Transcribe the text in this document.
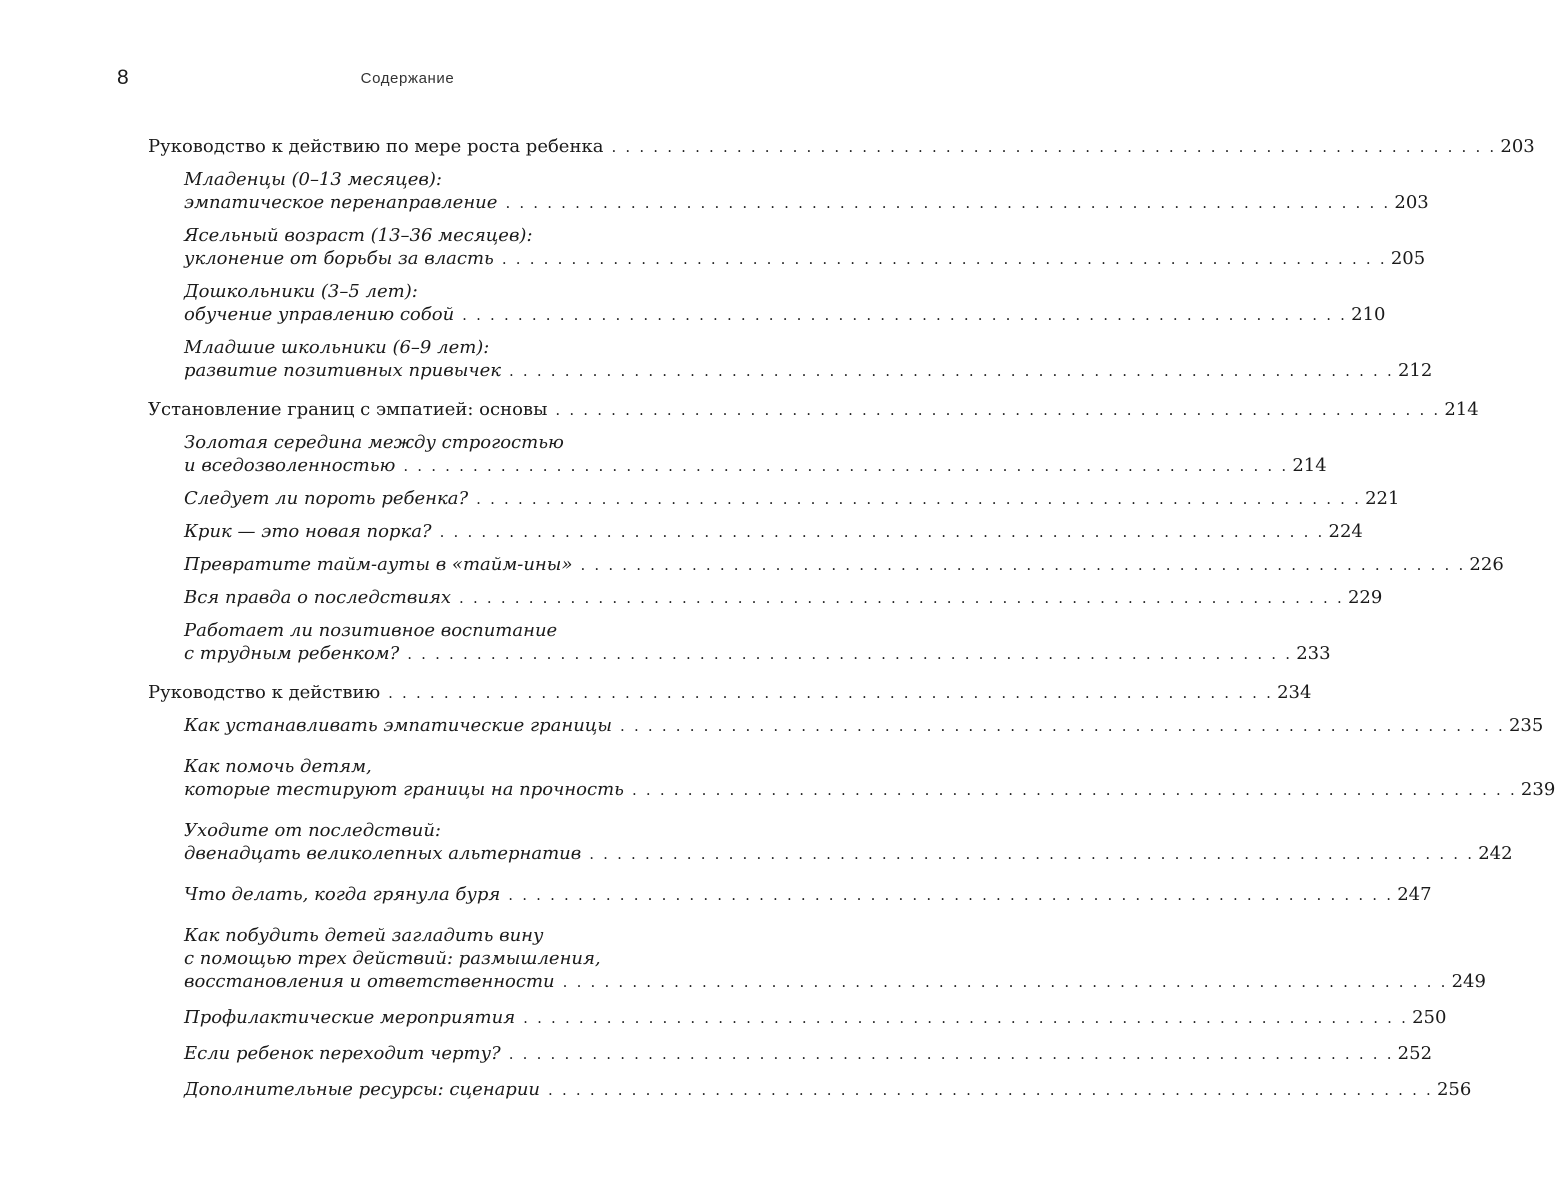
8	Содержание
Руководство к действию по мере роста ребенка . . . . . . . . . . . . . . . . . . . . . . . . . . . . . . . . . . . . . . . . . . . . . . . . . . . . . . . . . . . . . . . . 203
Младенцы (0–13 месяцев):
эмпатическое перенаправление . . . . . . . . . . . . . . . . . . . . . . . . . . . . . . . . . . . . . . . . . . . . . . . . . . . . . . . . . . . . . . . . 203
Ясельный возраст (13–36 месяцев):
уклонение от борьбы за власть . . . . . . . . . . . . . . . . . . . . . . . . . . . . . . . . . . . . . . . . . . . . . . . . . . . . . . . . . . . . . . . . 205
Дошкольники (3–5 лет):
обучение управлению собой . . . . . . . . . . . . . . . . . . . . . . . . . . . . . . . . . . . . . . . . . . . . . . . . . . . . . . . . . . . . . . . . 210
Младшие школьники (6–9 лет):
развитие позитивных привычек . . . . . . . . . . . . . . . . . . . . . . . . . . . . . . . . . . . . . . . . . . . . . . . . . . . . . . . . . . . . . . . . 212
Установление границ с эмпатией: основы . . . . . . . . . . . . . . . . . . . . . . . . . . . . . . . . . . . . . . . . . . . . . . . . . . . . . . . . . . . . . . . . 214
Золотая середина между строгостью
и вседозволенностью . . . . . . . . . . . . . . . . . . . . . . . . . . . . . . . . . . . . . . . . . . . . . . . . . . . . . . . . . . . . . . . . 214
Следует ли пороть ребенка? . . . . . . . . . . . . . . . . . . . . . . . . . . . . . . . . . . . . . . . . . . . . . . . . . . . . . . . . . . . . . . . . 221
Крик — это новая порка? . . . . . . . . . . . . . . . . . . . . . . . . . . . . . . . . . . . . . . . . . . . . . . . . . . . . . . . . . . . . . . . . 224
Превратите тайм-ауты в «тайм-ины» . . . . . . . . . . . . . . . . . . . . . . . . . . . . . . . . . . . . . . . . . . . . . . . . . . . . . . . . . . . . . . . . 226
Вся правда о последствиях . . . . . . . . . . . . . . . . . . . . . . . . . . . . . . . . . . . . . . . . . . . . . . . . . . . . . . . . . . . . . . . . 229
Работает ли позитивное воспитание
с трудным ребенком? . . . . . . . . . . . . . . . . . . . . . . . . . . . . . . . . . . . . . . . . . . . . . . . . . . . . . . . . . . . . . . . . 233
Руководство к действию . . . . . . . . . . . . . . . . . . . . . . . . . . . . . . . . . . . . . . . . . . . . . . . . . . . . . . . . . . . . . . . . 234
Как устанавливать эмпатические границы . . . . . . . . . . . . . . . . . . . . . . . . . . . . . . . . . . . . . . . . . . . . . . . . . . . . . . . . . . . . . . . . 235
Как помочь детям,
которые тестируют границы на прочность . . . . . . . . . . . . . . . . . . . . . . . . . . . . . . . . . . . . . . . . . . . . . . . . . . . . . . . . . . . . . . . . 239
Уходите от последствий:
двенадцать великолепных альтернатив . . . . . . . . . . . . . . . . . . . . . . . . . . . . . . . . . . . . . . . . . . . . . . . . . . . . . . . . . . . . . . . . 242
Что делать, когда грянула буря . . . . . . . . . . . . . . . . . . . . . . . . . . . . . . . . . . . . . . . . . . . . . . . . . . . . . . . . . . . . . . . . 247
Как побудить детей загладить вину
с помощью трех действий: размышления,
восстановления и ответственности . . . . . . . . . . . . . . . . . . . . . . . . . . . . . . . . . . . . . . . . . . . . . . . . . . . . . . . . . . . . . . . . 249
Профилактические мероприятия . . . . . . . . . . . . . . . . . . . . . . . . . . . . . . . . . . . . . . . . . . . . . . . . . . . . . . . . . . . . . . . . 250
Если ребенок переходит черту? . . . . . . . . . . . . . . . . . . . . . . . . . . . . . . . . . . . . . . . . . . . . . . . . . . . . . . . . . . . . . . . . 252
Дополнительные ресурсы: сценарии . . . . . . . . . . . . . . . . . . . . . . . . . . . . . . . . . . . . . . . . . . . . . . . . . . . . . . . . . . . . . . . . 256
